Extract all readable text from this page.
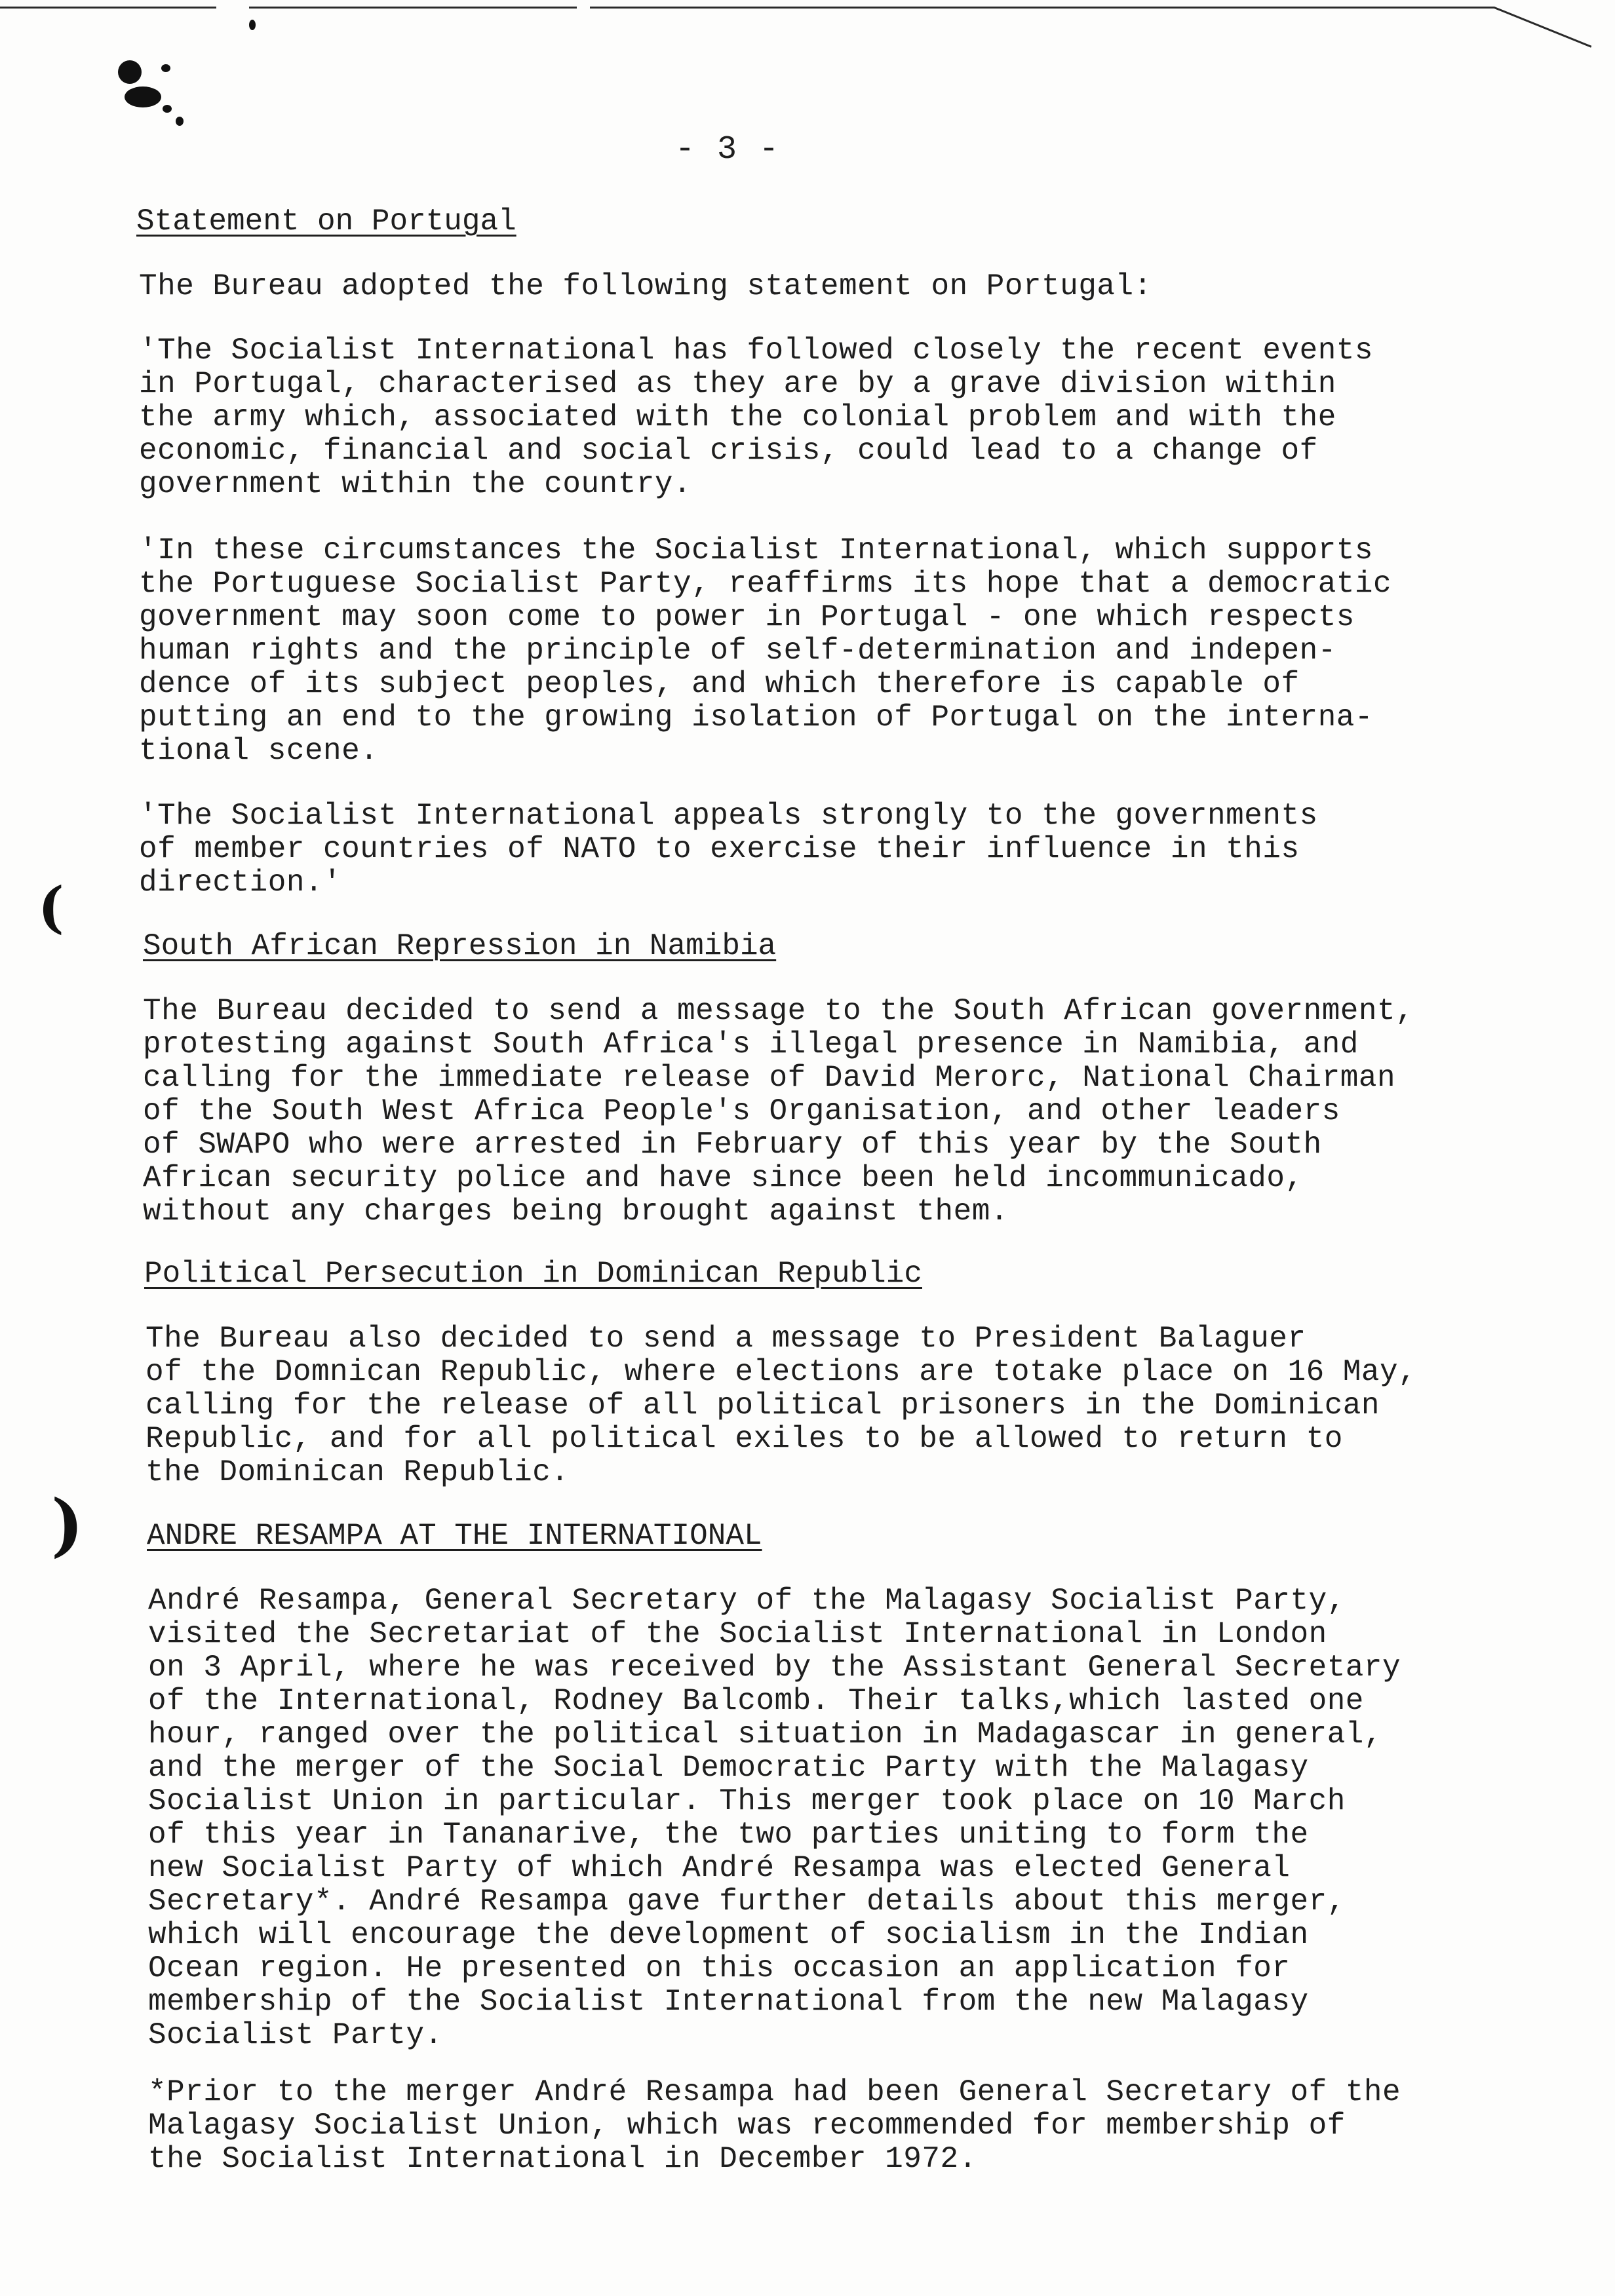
- 3 -
Statement on Portugal
The Bureau adopted the following statement on Portugal:
'The Socialist International has followed closely the recent events
in Portugal, characterised as they are by a grave division within
the army which, associated with the colonial problem and with the
economic, financial and social crisis, could lead to a change of
government within the country.
'In these circumstances the Socialist International, which supports
the Portuguese Socialist Party, reaffirms its hope that a democratic
government may soon come to power in Portugal - one which respects
human rights and the principle of self-determination and indepen-
dence of its subject peoples, and which therefore is capable of
putting an end to the growing isolation of Portugal on the interna-
tional scene.
'The Socialist International appeals strongly to the governments
of member countries of NATO to exercise their influence in this
direction.'
(
South African Repression in Namibia
The Bureau decided to send a message to the South African government,
protesting against South Africa's illegal presence in Namibia, and
calling for the immediate release of David Merorc, National Chairman
of the South West Africa People's Organisation, and other leaders
of SWAPO who were arrested in February of this year by the South
African security police and have since been held incommunicado,
without any charges being brought against them.
Political Persecution in Dominican Republic
The Bureau also decided to send a message to President Balaguer
of the Domnican Republic, where elections are totake place on 16 May,
calling for the release of all political prisoners in the Dominican
Republic, and for all political exiles to be allowed to return to
the Dominican Republic.
) ANDRE RESAMPA AT THE INTERNATIONAL
André Resampa, General Secretary of the Malagasy Socialist Party,
visited the Secretariat of the Socialist International in London
on 3 April, where he was received by the Assistant General Secretary
of the International, Rodney Balcomb. Their talks,which lasted one
hour, ranged over the political situation in Madagascar in general,
and the merger of the Social Democratic Party with the Malagasy
Socialist Union in particular. This merger took place on 10 March
of this year in Tananarive, the two parties uniting to form the
new Socialist Party of which André Resampa was elected General
Secretary*. André Resampa gave further details about this merger,
which will encourage the development of socialism in the Indian
Ocean region. He presented on this occasion an application for
membership of the Socialist International from the new Malagasy
Socialist Party.
*Prior to the merger André Resampa had been General Secretary of the
Malagasy Socialist Union, which was recommended for membership of
the Socialist International in December 1972.
